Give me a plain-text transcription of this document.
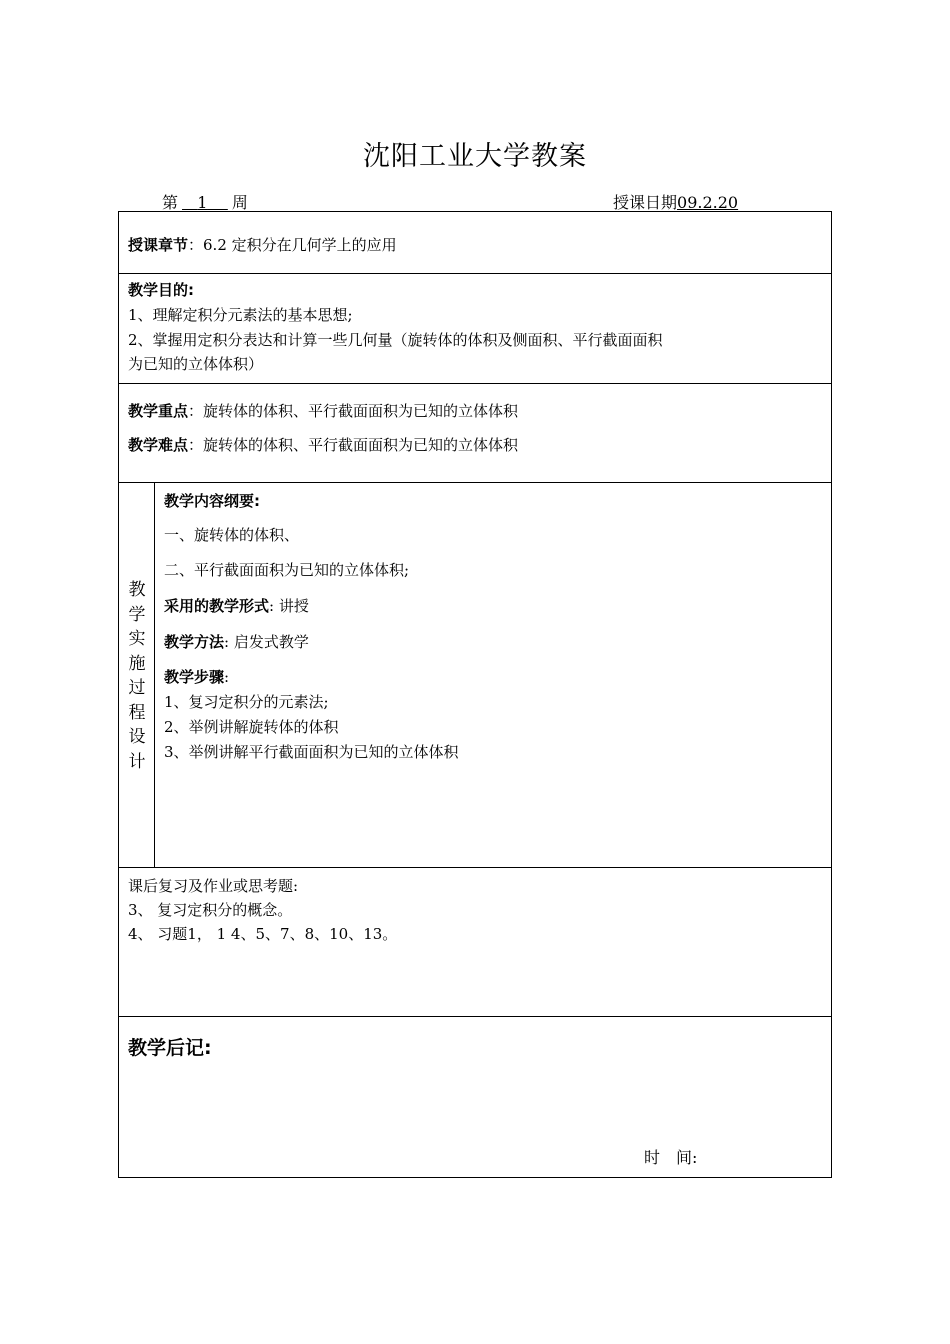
沈阳工业大学教案
第 1 周	授课日期09.2.20
授课章节：6.2 定积分在几何学上的应用
教学目的:
1、理解定积分元素法的基本思想;
2、掌握用定积分表达和计算一些几何量（旋转体的体积及侧面积、平行截面面积
为已知的立体体积）
教学重点：旋转体的体积、平行截面面积为已知的立体体积
教学难点：旋转体的体积、平行截面面积为已知的立体体积
教学实施过程设计
教学内容纲要:
一、旋转体的体积、
二、平行截面面积为已知的立体体积;
采用的教学形式: 讲授
教学方法: 启发式教学
教学步骤:
1、复习定积分的元素法;
2、举例讲解旋转体的体积
3、举例讲解平行截面面积为已知的立体体积
课后复习及作业或思考题:
3、 复习定积分的概念。
4、 习题1， 1 4、5、7、8、10、13。
教学后记:
时　间:
